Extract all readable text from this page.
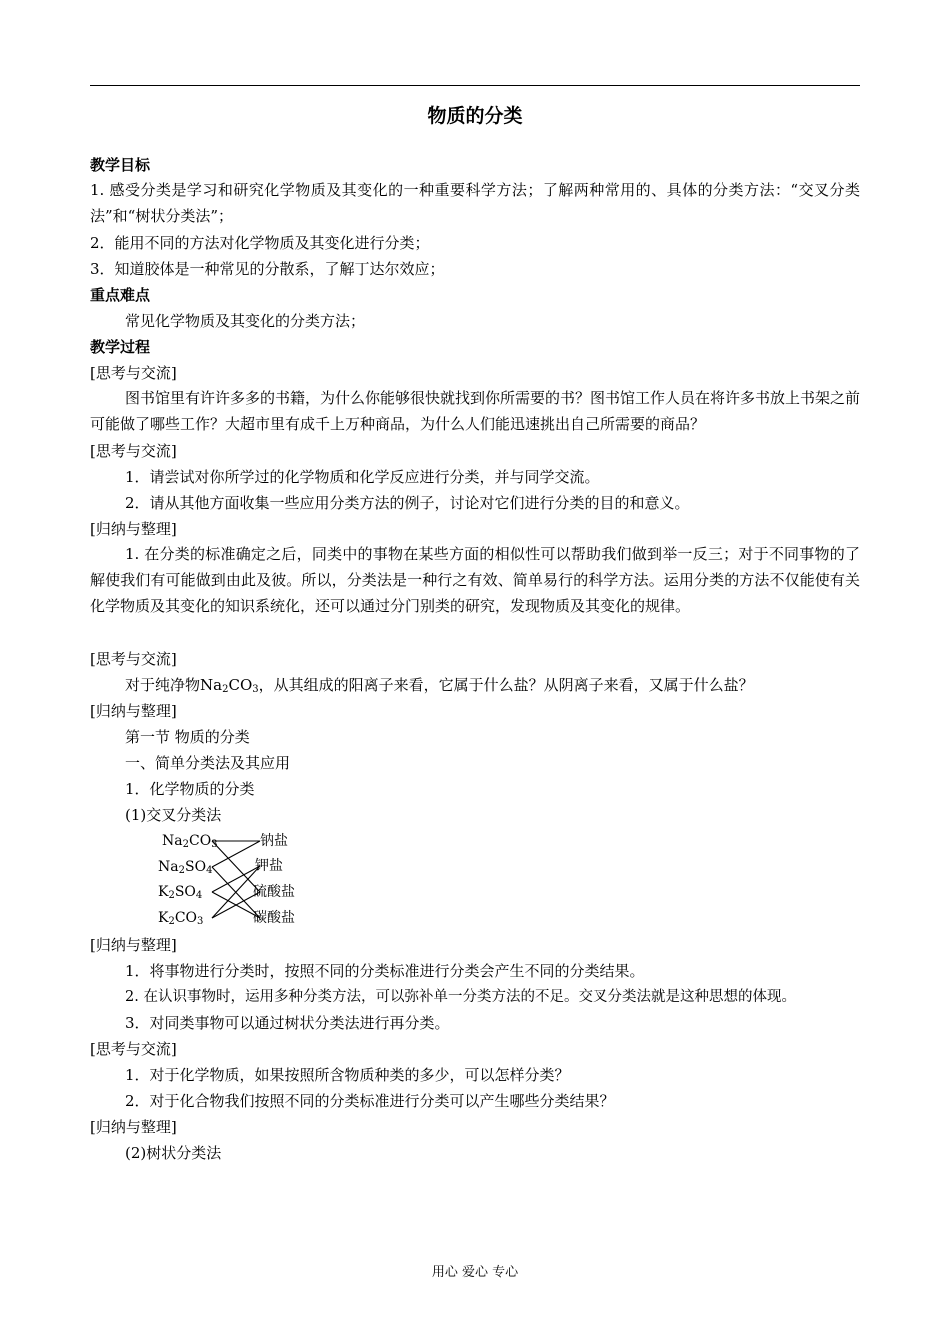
物质的分类
教学目标
1. 感受分类是学习和研究化学物质及其变化的一种重要科学方法；了解两种常用的、具体的分类方法：“交叉分类法”和“树状分类法”；
2．能用不同的方法对化学物质及其变化进行分类；
3．知道胶体是一种常见的分散系，了解丁达尔效应；
重点难点
常见化学物质及其变化的分类方法；
教学过程
[思考与交流]
图书馆里有许许多多的书籍，为什么你能够很快就找到你所需要的书？图书馆工作人员在将许多书放上书架之前可能做了哪些工作？大超市里有成千上万种商品，为什么人们能迅速挑出自己所需要的商品？
[思考与交流]
1．请尝试对你所学过的化学物质和化学反应进行分类，并与同学交流。
2．请从其他方面收集一些应用分类方法的例子，讨论对它们进行分类的目的和意义。
[归纳与整理]
1. 在分类的标准确定之后，同类中的事物在某些方面的相似性可以帮助我们做到举一反三；对于不同事物的了解使我们有可能做到由此及彼。所以，分类法是一种行之有效、简单易行的科学方法。运用分类的方法不仅能使有关化学物质及其变化的知识系统化，还可以通过分门别类的研究，发现物质及其变化的规律。
[思考与交流]
对于纯净物$Na_2CO_3$，从其组成的阳离子来看，它属于什么盐？从阴离子来看，又属于什么盐？
[归纳与整理]
第一节 物质的分类
一、简单分类法及其应用
1．化学物质的分类
(1)交叉分类法
$Na_2CO_3$
$Na_2SO_4$
$K_2SO_4$
$K_2CO_3$
钠盐
钾盐
硫酸盐
碳酸盐
[归纳与整理]
1．将事物进行分类时，按照不同的分类标准进行分类会产生不同的分类结果。
2. 在认识事物时，运用多种分类方法，可以弥补单一分类方法的不足。交叉分类法就是这种思想的体现。
3．对同类事物可以通过树状分类法进行再分类。
[思考与交流]
1．对于化学物质，如果按照所含物质种类的多少，可以怎样分类？
2．对于化合物我们按照不同的分类标准进行分类可以产生哪些分类结果？
[归纳与整理]
(2)树状分类法
用心 爱心 专心
